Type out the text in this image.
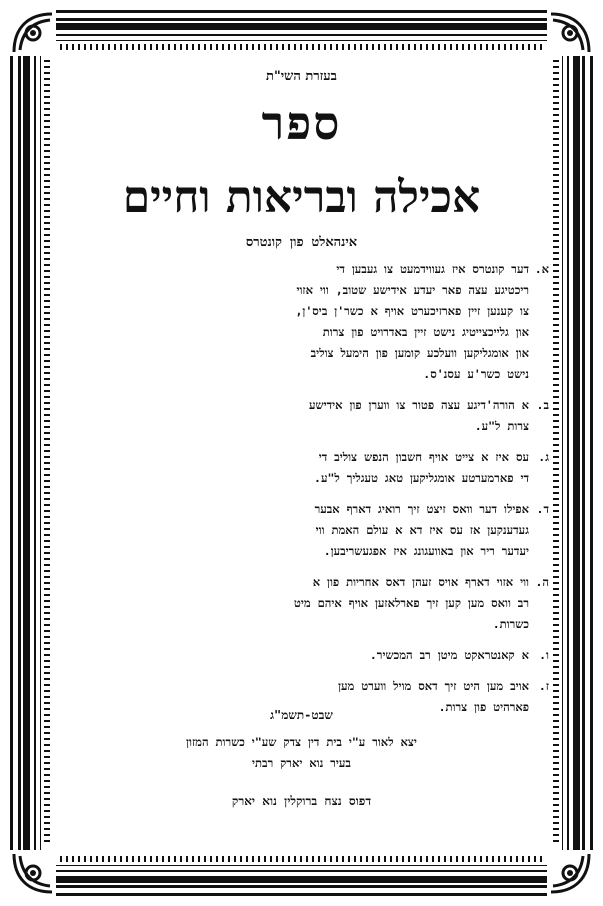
בעזרת השי"ת
ספר
אכילה ובריאות וחיים
אינהאלט פון קונטרס
א.
דער קונטרס איז געווידמעט צו געבען די
ריכטיגע עצה פאר יעדע אידישע שטוב, ווי אזוי
צו קענען זיין פארזיכערט אויף א כשר'ן ביס'ן,
און גלייכצייטיג נישט זיין באדרויט פון צרות
און אומגליקען וועלכע קומען פון הימעל צוליב
נישט כשר'ע עסנ'ס.
ב.
א הורה'דיגע עצה פטור צו ווערן פון אידישע
צרות ל"ע.
ג.
עס איז א צייט אויף חשבון הנפש צוליב די
די פארמערטע אומגליקען טאג טעגליך ל"ע.
ד.
אפילו דער וואס זיצט זיך רואיג דארף אבער
געדענקען אז עס איז דא א עולם האמת ווי
יעדער ריר און באוועגונג איז אפגעשריבען.
ה.
ווי אזוי דארף אויס זעהן דאס אחריות פון א
רב וואס מען קען זיך פארלאזען אויף איהם מיט
כשרות.
ו.
א קאנטראקט מיטן רב המכשיר.
ז.
אויב מען היט זיך דאס מויל ווערט מען
פארהיט פון צרות.
שבט-תשמ"ג
יצא לאור ע"י בית דין צדק שע"י כשרות המזון
בעיר נוא יארק רבתי
דפוס נצח ברוקלין נוא יארק
